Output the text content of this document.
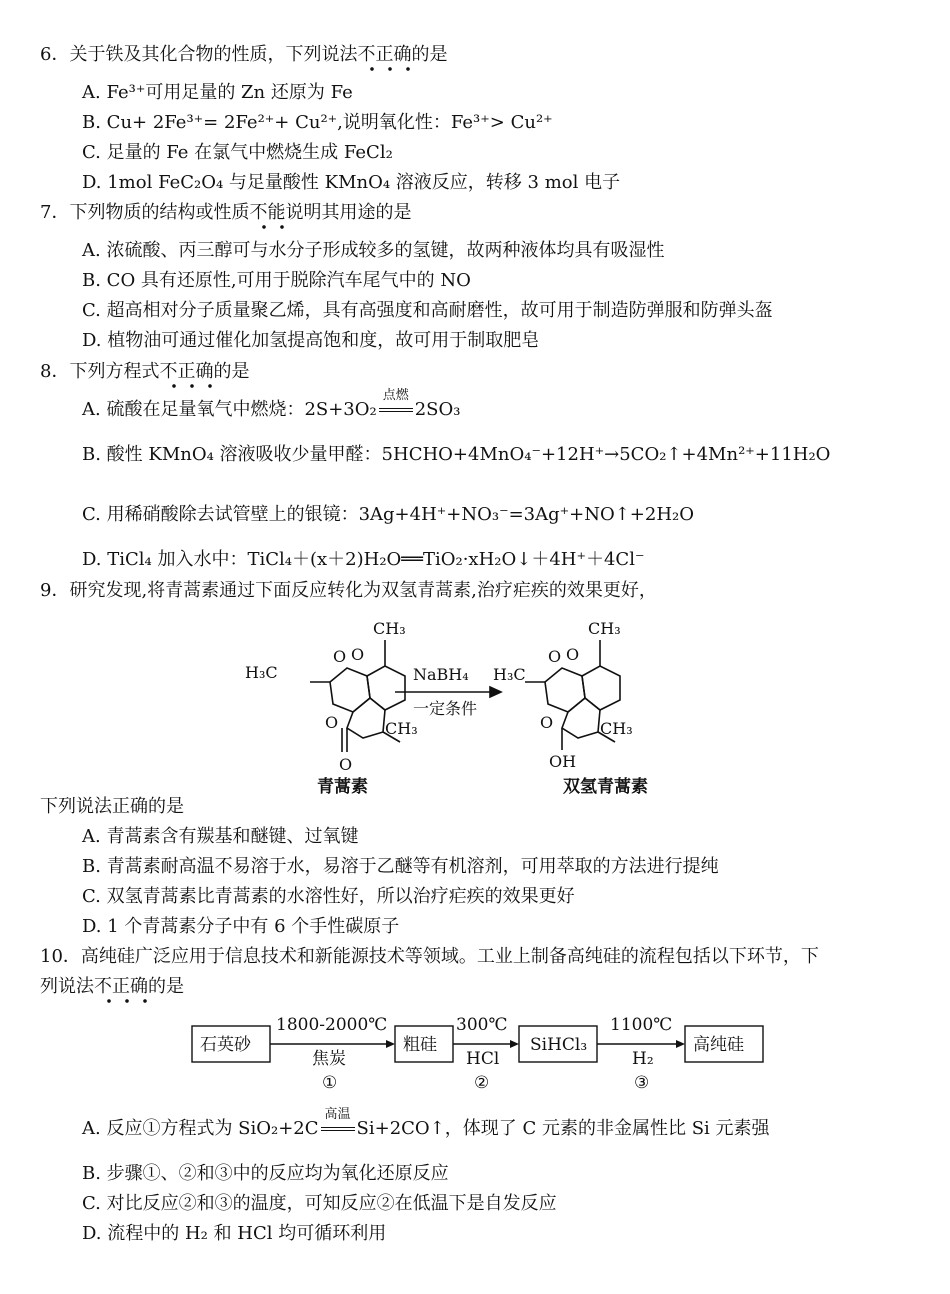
6．关于铁及其化合物的性质，下列说法不正确的是
A. Fe³⁺可用足量的 Zn 还原为 Fe
B. Cu+ 2Fe³⁺= 2Fe²⁺+ Cu²⁺,说明氧化性：Fe³⁺> Cu²⁺
C. 足量的 Fe 在氯气中燃烧生成 FeCl₂
D. 1mol FeC₂O₄ 与足量酸性 KMnO₄ 溶液反应，转移 3 mol 电子
7．下列物质的结构或性质不能说明其用途的是
A. 浓硫酸、丙三醇可与水分子形成较多的氢键，故两种液体均具有吸湿性
B. CO 具有还原性,可用于脱除汽车尾气中的 NO
C. 超高相对分子质量聚乙烯，具有高强度和高耐磨性，故可用于制造防弹服和防弹头盔
D. 植物油可通过催化加氢提高饱和度，故可用于制取肥皂
8．下列方程式不正确的是
A. 硫酸在足量氧气中燃烧：2S+3O₂
点燃
2SO₃
B. 酸性 KMnO₄ 溶液吸收少量甲醛：5HCHO+4MnO₄⁻+12H⁺→5CO₂↑+4Mn²⁺+11H₂O
C. 用稀硝酸除去试管壁上的银镜：3Ag+4H⁺+NO₃⁻=3Ag⁺+NO↑+2H₂O
D. TiCl₄ 加入水中：TiCl₄＋(x＋2)H₂O══TiO₂·xH₂O↓＋4H⁺＋4Cl⁻
9．研究发现,将青蒿素通过下面反应转化为双氢青蒿素,治疗疟疾的效果更好，
CH₃
H₃C
O O
O
O
CH₃
NaBH₄
一定条件
CH₃
H₃C
O O
O
OH
CH₃
青蒿素	双氢青蒿素
下列说法正确的是
A. 青蒿素含有羰基和醚键、过氧键
B. 青蒿素耐高温不易溶于水，易溶于乙醚等有机溶剂，可用萃取的方法进行提纯
C. 双氢青蒿素比青蒿素的水溶性好，所以治疗疟疾的效果更好
D. 1 个青蒿素分子中有 6 个手性碳原子
10．高纯硅广泛应用于信息技术和新能源技术等领域。工业上制备高纯硅的流程包括以下环节，下
列说法不正确的是
石英砂	粗硅	SiHCl₃	高纯硅
1800-2000℃
焦炭
①
300℃
HCl
②
1100℃
H₂
③
A. 反应①方程式为 SiO₂+2C
高温
Si+2CO↑，体现了 C 元素的非金属性比 Si 元素强
B. 步骤①、②和③中的反应均为氧化还原反应
C. 对比反应②和③的温度，可知反应②在低温下是自发反应
D. 流程中的 H₂ 和 HCl 均可循环利用
